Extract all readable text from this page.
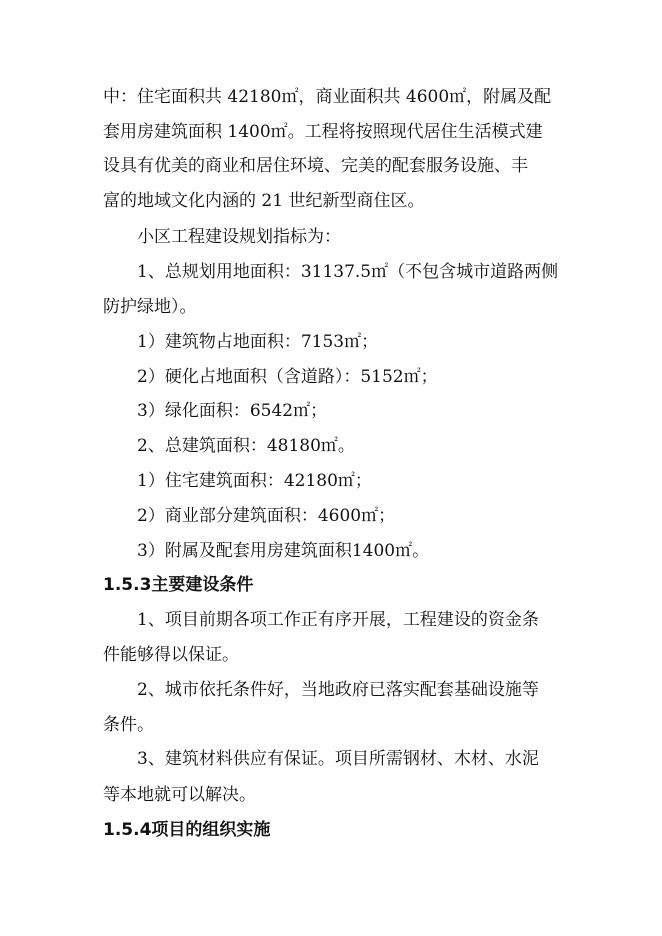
中：住宅面积共 42180㎡，商业面积共 4600㎡，附属及配
套用房建筑面积 1400㎡。工程将按照现代居住生活模式建
设具有优美的商业和居住环境、完美的配套服务设施、丰
富的地域文化内涵的 21 世纪新型商住区。
小区工程建设规划指标为：
1、总规划用地面积：31137.5㎡（不包含城市道路两侧
防护绿地）。
1）建筑物占地面积：7153㎡；
2）硬化占地面积（含道路）：5152㎡；
3）绿化面积：6542㎡；
2、总建筑面积：48180㎡。
1）住宅建筑面积：42180㎡；
2）商业部分建筑面积：4600㎡；
3）附属及配套用房建筑面积1400㎡。
1.5.3主要建设条件
1、项目前期各项工作正有序开展，工程建设的资金条
件能够得以保证。
2、城市依托条件好，当地政府已落实配套基础设施等
条件。
3、建筑材料供应有保证。项目所需钢材、木材、水泥
等本地就可以解决。
1.5.4项目的组织实施
